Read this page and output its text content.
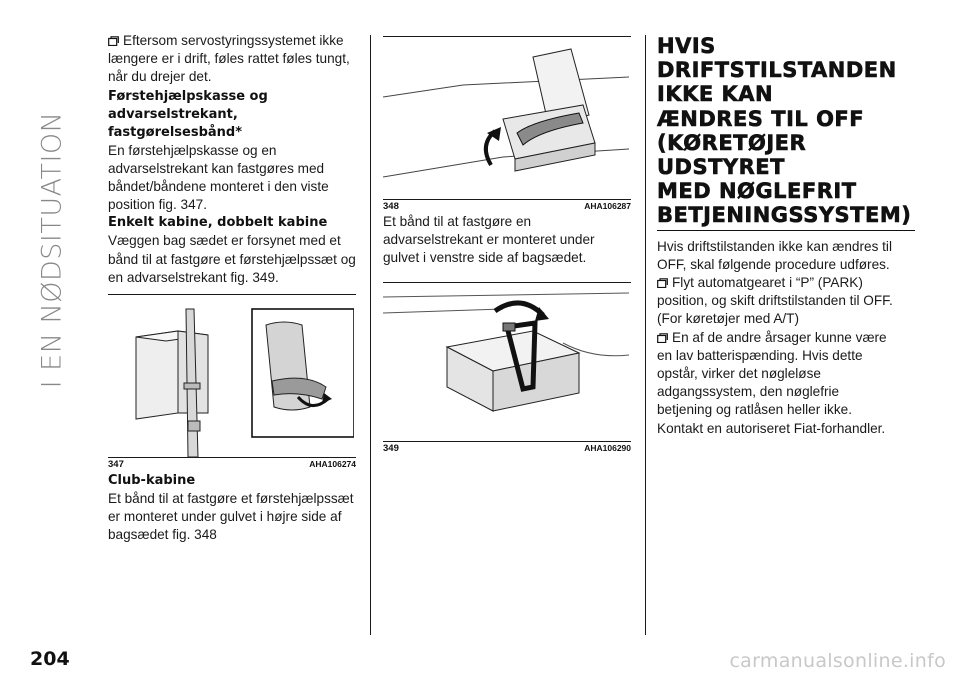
I EN NØDSITUATION

Eftersom servostyringssystemet ikke længere er i drift, føles rattet føles tungt, når du drejer det.

Førstehjælpskasse og advarselstrekant, fastgørelsesbånd*

En førstehjælpskasse og en advarselstrekant kan fastgøres med båndet/båndene monteret i den viste position fig. 347.

Enkelt kabine, dobbelt kabine

Væggen bag sædet er forsynet med et bånd til at fastgøre et førstehjælpssæt og en advarselstrekant fig. 349.

347	AHA106274
Club-kabine

Et bånd til at fastgøre et førstehjælpssæt er monteret under gulvet i højre side af bagsædet fig. 348

348	AHA106287

Et bånd til at fastgøre en advarselstrekant er monteret under gulvet i venstre side af bagsædet.

349	AHA106290
HVIS
DRIFTSTILSTANDEN
IKKE KAN
ÆNDRES TIL OFF
(KØRETØJER
UDSTYRET
MED NØGLEFRIT
BETJENINGSSYSTEM)

Hvis driftstilstanden ikke kan ændres til OFF, skal følgende procedure udføres.

Flyt automatgearet i “P” (PARK) position, og skift driftstilstanden til OFF. (For køretøjer med A/T)

En af de andre årsager kunne være en lav batterispænding. Hvis dette opstår, virker det nøgleløse adgangssystem, den nøglefrie betjening og ratlåsen heller ikke. Kontakt en autoriseret Fiat-forhandler.

204	carmanualsonline.info
